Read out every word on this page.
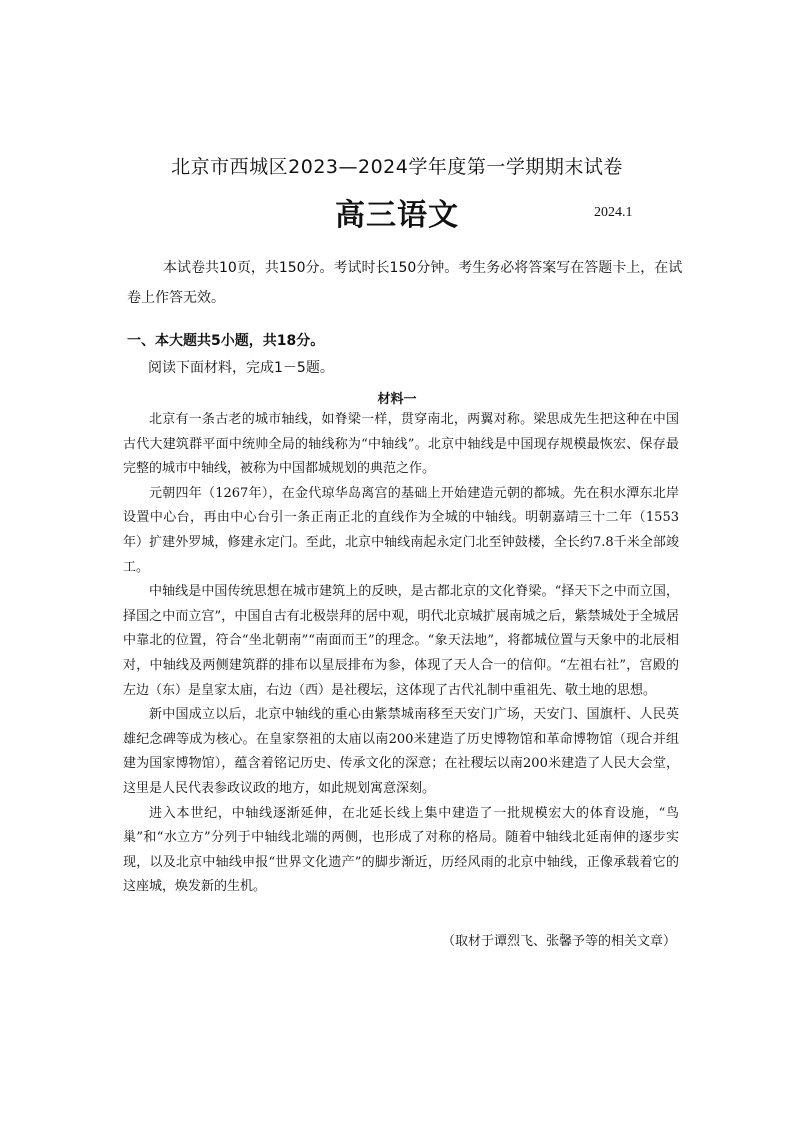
北京市西城区2023—2024学年度第一学期期末试卷
高三语文	2024.1
本试卷共10页，共150分。考试时长150分钟。考生务必将答案写在答题卡上，在试卷上作答无效。
一、本大题共5小题，共18分。
阅读下面材料，完成1－5题。
材料一

北京有一条古老的城市轴线，如脊梁一样，贯穿南北，两翼对称。梁思成先生把这种在中国古代大建筑群平面中统帅全局的轴线称为“中轴线”。北京中轴线是中国现存规模最恢宏、保存最完整的城市中轴线，被称为中国都城规划的典范之作。

元朝四年（1267年），在金代琼华岛离宫的基础上开始建造元朝的都城。先在积水潭东北岸设置中心台，再由中心台引一条正南正北的直线作为全城的中轴线。明朝嘉靖三十二年（1553年）扩建外罗城，修建永定门。至此，北京中轴线南起永定门北至钟鼓楼，全长约7.8千米全部竣工。

中轴线是中国传统思想在城市建筑上的反映，是古都北京的文化脊梁。“择天下之中而立国，择国之中而立宫”，中国自古有北极崇拜的居中观，明代北京城扩展南城之后，紫禁城处于全城居中靠北的位置，符合“坐北朝南”“南面而王”的理念。“象天法地”，将都城位置与天象中的北辰相对，中轴线及两侧建筑群的排布以星辰排布为参，体现了天人合一的信仰。“左祖右社”，宫殿的左边（东）是皇家太庙，右边（西）是社稷坛，这体现了古代礼制中重祖先、敬土地的思想。

新中国成立以后，北京中轴线的重心由紫禁城南移至天安门广场，天安门、国旗杆、人民英雄纪念碑等成为核心。在皇家祭祖的太庙以南200米建造了历史博物馆和革命博物馆（现合并组建为国家博物馆），蕴含着铭记历史、传承文化的深意；在社稷坛以南200米建造了人民大会堂，这里是人民代表参政议政的地方，如此规划寓意深刻。

进入本世纪，中轴线逐渐延伸，在北延长线上集中建造了一批规模宏大的体育设施，“鸟巢”和“水立方”分列于中轴线北端的两侧，也形成了对称的格局。随着中轴线北延南伸的逐步实现，以及北京中轴线申报“世界文化遗产”的脚步渐近，历经风雨的北京中轴线，正像承载着它的这座城，焕发新的生机。

（取材于谭烈飞、张馨予等的相关文章）
